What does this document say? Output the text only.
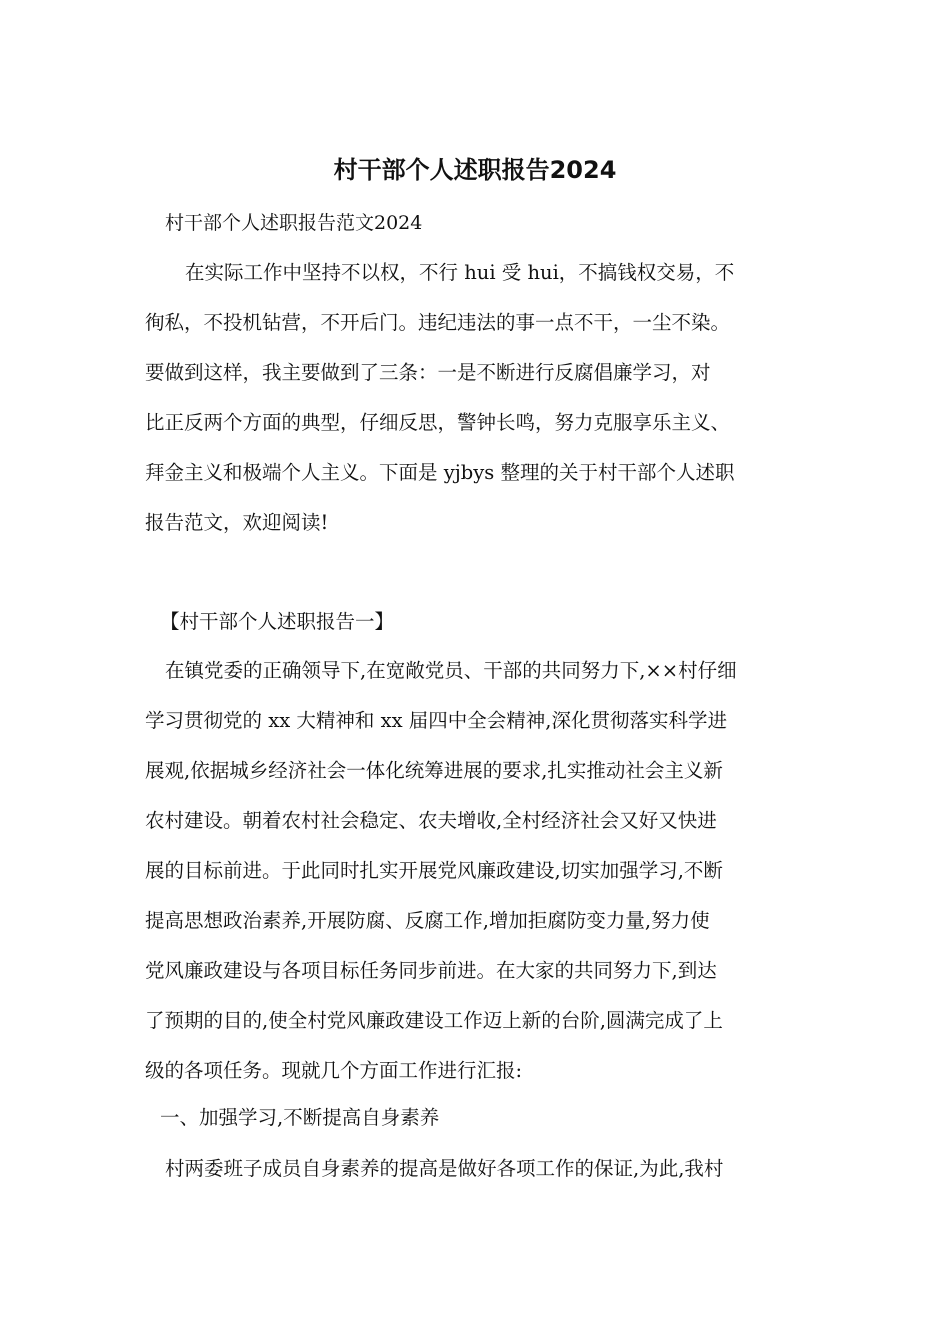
村干部个人述职报告2024

村干部个人述职报告范文2024

在实际工作中坚持不以权，不行 hui 受 hui，不搞钱权交易，不
徇私，不投机钻营，不开后门。违纪违法的事一点不干，一尘不染。
要做到这样，我主要做到了三条：一是不断进行反腐倡廉学习，对
比正反两个方面的典型，仔细反思，警钟长鸣，努力克服享乐主义、
拜金主义和极端个人主义。下面是 yjbys 整理的关于村干部个人述职
报告范文，欢迎阅读!

【村干部个人述职报告一】

在镇党委的正确领导下,在宽敞党员、干部的共同努力下,××村仔细
学习贯彻党的 xx 大精神和 xx 届四中全会精神,深化贯彻落实科学进
展观,依据城乡经济社会一体化统筹进展的要求,扎实推动社会主义新
农村建设。朝着农村社会稳定、农夫增收,全村经济社会又好又快进
展的目标前进。于此同时扎实开展党风廉政建设,切实加强学习,不断
提高思想政治素养,开展防腐、反腐工作,增加拒腐防变力量,努力使
党风廉政建设与各项目标任务同步前进。在大家的共同努力下,到达
了预期的目的,使全村党风廉政建设工作迈上新的台阶,圆满完成了上
级的各项任务。现就几个方面工作进行汇报:

一、加强学习,不断提高自身素养

村两委班子成员自身素养的提高是做好各项工作的保证,为此,我村
